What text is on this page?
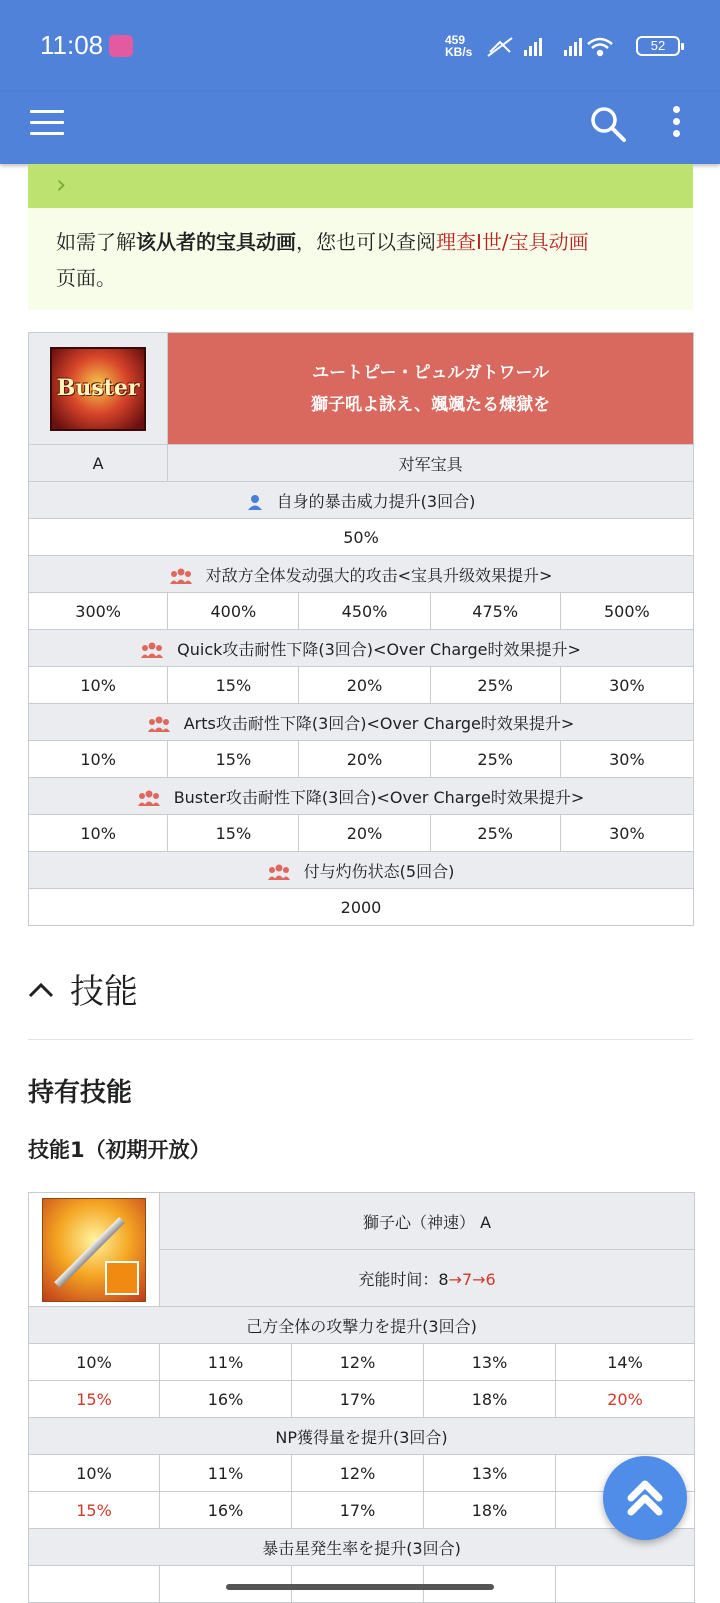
11:08	459
KB/s	52
›
如需了解该从者的宝具动画，您也可以查阅理查Ⅰ世/宝具动画
页面。
Buster	ユートピー・ピュルガトワール
獅子吼よ詠え、颯颯たる煉獄を			

A	对军宝具			
自身的暴击威力提升(3回合)				
50%				
对敌方全体发动强大的攻击<宝具升级效果提升>				
300%	400%	450%	475%	500%
Quick攻击耐性下降(3回合)<Over Charge时效果提升>				
10%	15%	20%	25%	30%
Arts攻击耐性下降(3回合)<Over Charge时效果提升>				
10%	15%	20%	25%	30%
Buster攻击耐性下降(3回合)<Over Charge时效果提升>				
10%	15%	20%	25%	30%
付与灼伤状态(5回合)				
2000				
技能
持有技能
技能1（初期开放）
	獅子心（神速） A			
	充能时间：8→7→6			
己方全体の攻撃力を提升(3回合)				
10%	11%	12%	13%	14%
15%	16%	17%	18%	20%
NP獲得量を提升(3回合)				
10%	11%	12%	13%	
15%	16%	17%	18%	
暴击星発生率を提升(3回合)				
